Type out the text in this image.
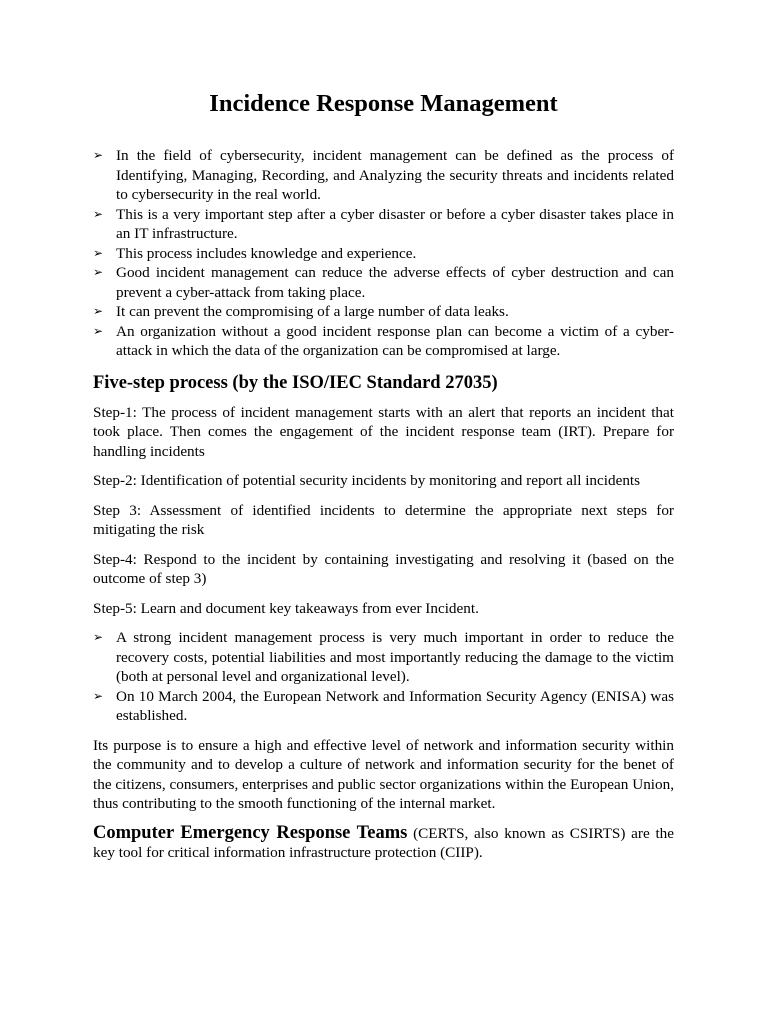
Incidence Response Management
➢ In the field of cybersecurity, incident management can be defined as the process of Identifying, Managing, Recording, and Analyzing the security threats and incidents related to cybersecurity in the real world.
➢ This is a very important step after a cyber disaster or before a cyber disaster takes place in an IT infrastructure.
➢ This process includes knowledge and experience.
➢ Good incident management can reduce the adverse effects of cyber destruction and can prevent a cyber-attack from taking place.
➢ It can prevent the compromising of a large number of data leaks.
➢ An organization without a good incident response plan can become a victim of a cyber- attack in which the data of the organization can be compromised at large.
Five-step process (by the ISO/IEC Standard 27035)

Step-1: The process of incident management starts with an alert that reports an incident that took place. Then comes the engagement of the incident response team (IRT). Prepare for handling incidents

Step-2: Identification of potential security incidents by monitoring and report all incidents

Step 3: Assessment of identified incidents to determine the appropriate next steps for mitigating the risk

Step-4: Respond to the incident by containing investigating and resolving it (based on the outcome of step 3)

Step-5: Learn and document key takeaways from ever Incident.

➢ A strong incident management process is very much important in order to reduce the recovery costs, potential liabilities and most importantly reducing the damage to the victim (both at personal level and organizational level).
➢ On 10 March 2004, the European Network and Information Security Agency (ENISA) was established.

Its purpose is to ensure a high and effective level of network and information security within the community and to develop a culture of network and information security for the benet of the citizens, consumers, enterprises and public sector organizations within the European Union, thus contributing to the smooth functioning of the internal market.

Computer Emergency Response Teams (CERTS, also known as CSIRTS) are the key tool for critical information infrastructure protection (CIIP).
